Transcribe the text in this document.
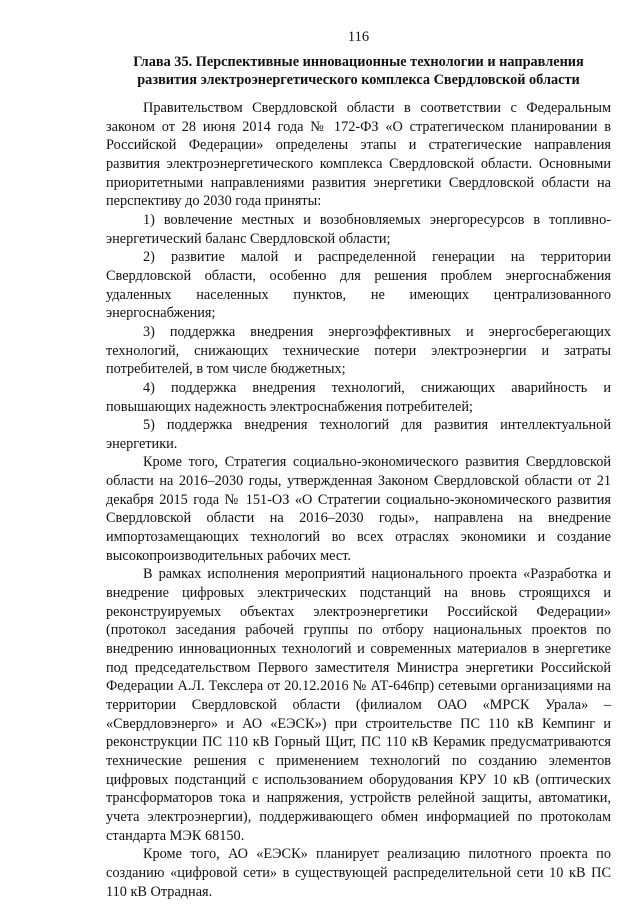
116
Глава 35. Перспективные инновационные технологии и направления
развития электроэнергетического комплекса Свердловской области

Правительством Свердловской области в соответствии с Федеральным законом от 28 июня 2014 года № 172-ФЗ «О стратегическом планировании в Российской Федерации» определены этапы и стратегические направления развития электроэнергетического комплекса Свердловской области. Основными приоритетными направлениями развития энергетики Свердловской области на перспективу до 2030 года приняты:

1) вовлечение местных и возобновляемых энергоресурсов в топливно-энергетический баланс Свердловской области;

2) развитие малой и распределенной генерации на территории Свердловской области, особенно для решения проблем энергоснабжения удаленных населенных пунктов, не имеющих централизованного энергоснабжения;

3) поддержка внедрения энергоэффективных и энергосберегающих технологий, снижающих технические потери электроэнергии и затраты потребителей, в том числе бюджетных;

4) поддержка внедрения технологий, снижающих аварийность и повышающих надежность электроснабжения потребителей;

5) поддержка внедрения технологий для развития интеллектуальной энергетики.

Кроме того, Стратегия социально-экономического развития Свердловской области на 2016–2030 годы, утвержденная Законом Свердловской области от 21 декабря 2015 года № 151-ОЗ «О Стратегии социально-экономического развития Свердловской области на 2016–2030 годы», направлена на внедрение импортозамещающих технологий во всех отраслях экономики и создание высокопроизводительных рабочих мест.

В рамках исполнения мероприятий национального проекта «Разработка и внедрение цифровых электрических подстанций на вновь строящихся и реконструируемых объектах электроэнергетики Российской Федерации» (протокол заседания рабочей группы по отбору национальных проектов по внедрению инновационных технологий и современных материалов в энергетике под председательством Первого заместителя Министра энергетики Российской Федерации А.Л. Текслера от 20.12.2016 № АТ-646пр) сетевыми организациями на территории Свердловской области (филиалом ОАО «МРСК Урала» – «Свердловэнерго» и АО «ЕЭСК») при строительстве ПС 110 кВ Кемпинг и реконструкции ПС 110 кВ Горный Щит, ПС 110 кВ Керамик предусматриваются технические решения с применением технологий по созданию элементов цифровых подстанций с использованием оборудования КРУ 10 кВ (оптических трансформаторов тока и напряжения, устройств релейной защиты, автоматики, учета электроэнергии), поддерживающего обмен информацией по протоколам стандарта МЭК 68150.

Кроме того, АО «ЕЭСК» планирует реализацию пилотного проекта по созданию «цифровой сети» в существующей распределительной сети 10 кВ ПС 110 кВ Отрадная.
